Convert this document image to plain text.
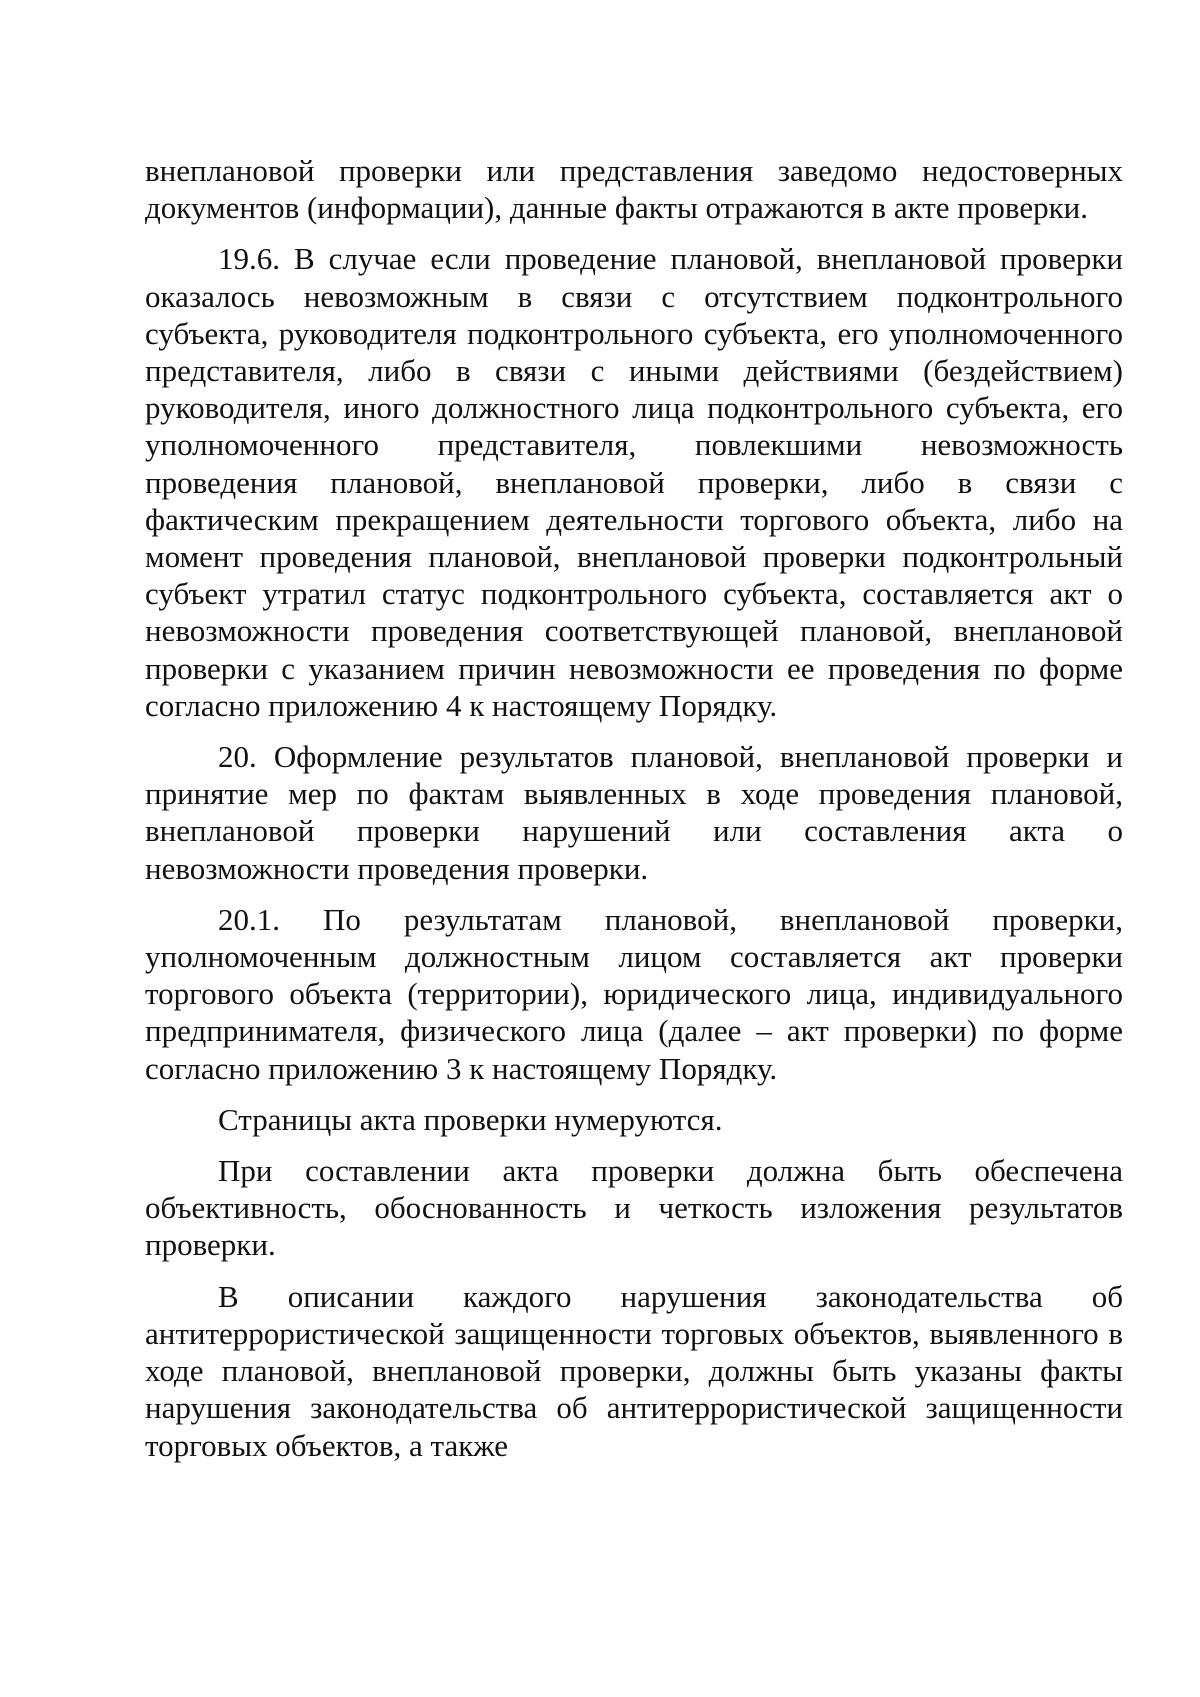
внеплановой проверки или представления заведомо недостоверных документов (информации), данные факты отражаются в акте проверки.

19.6. В случае если проведение плановой, внеплановой проверки оказалось невозможным в связи с отсутствием подконтрольного субъекта, руководителя подконтрольного субъекта, его уполномоченного представителя, либо в связи с иными действиями (бездействием) руководителя, иного должностного лица подконтрольного субъекта, его уполномоченного представителя, повлекшими невозможность проведения плановой, внеплановой проверки, либо в связи с фактическим прекращением деятельности торгового объекта, либо на момент проведения плановой, внеплановой проверки подконтрольный субъект утратил статус подконтрольного субъекта, составляется акт о невозможности проведения соответствующей плановой, внеплановой проверки с указанием причин невозможности ее проведения по форме согласно приложению 4 к настоящему Порядку.

20. Оформление результатов плановой, внеплановой проверки и принятие мер по фактам выявленных в ходе проведения плановой, внеплановой проверки нарушений или составления акта о невозможности проведения проверки.

20.1. По результатам плановой, внеплановой проверки, уполномоченным должностным лицом составляется акт проверки торгового объекта (территории), юридического лица, индивидуального предпринимателя, физического лица (далее – акт проверки) по форме согласно приложению 3 к настоящему Порядку.

Страницы акта проверки нумеруются.

При составлении акта проверки должна быть обеспечена объективность, обоснованность и четкость изложения результатов проверки.

В описании каждого нарушения законодательства об антитеррористической защищенности торговых объектов, выявленного в ходе плановой, внеплановой проверки, должны быть указаны факты нарушения законодательства об антитеррористической защищенности торговых объектов, а также
